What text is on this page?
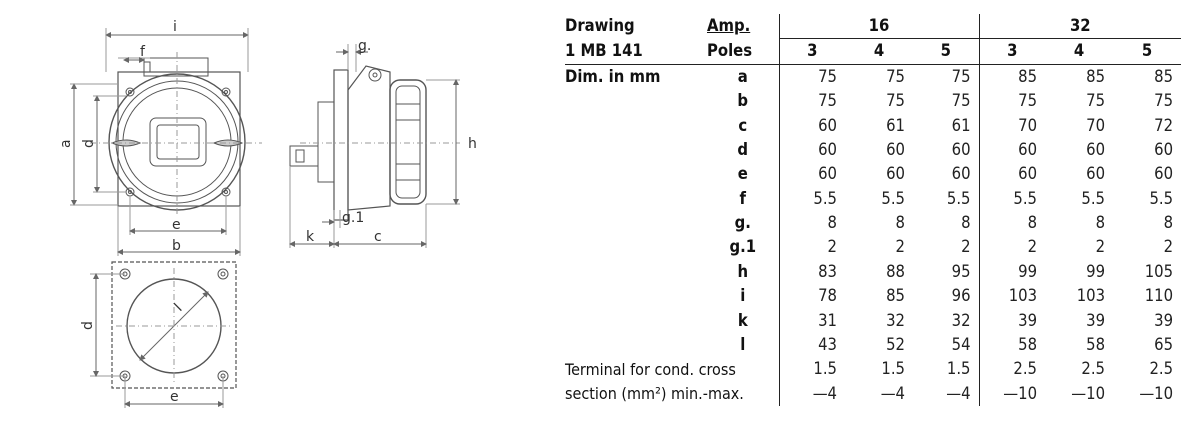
i
f
a d
e
b
g.
h
g.1
k	c
l
d
e
Drawing	Amp.	16			32		
1 MB 141	Poles	3	4	5	3	4	5
Dim. in mm	a	75	75	75	85	85	85
	b	75	75	75	75	75	75
	c	60	61	61	70	70	72
	d	60	60	60	60	60	60
	e	60	60	60	60	60	60
	f	5.5	5.5	5.5	5.5	5.5	5.5
	g.	8	8	8	8	8	8
	g.1	2	2	2	2	2	2
	h	83	88	95	99	99	105
	i	78	85	96	103	103	110
	k	31	32	32	39	39	39
	l	43	52	54	58	58	65
Terminal for cond. cross		1.5	1.5	1.5	2.5	2.5	2.5
section (mm²) min.-max.		—4	—4	—4	—10	—10	—10
